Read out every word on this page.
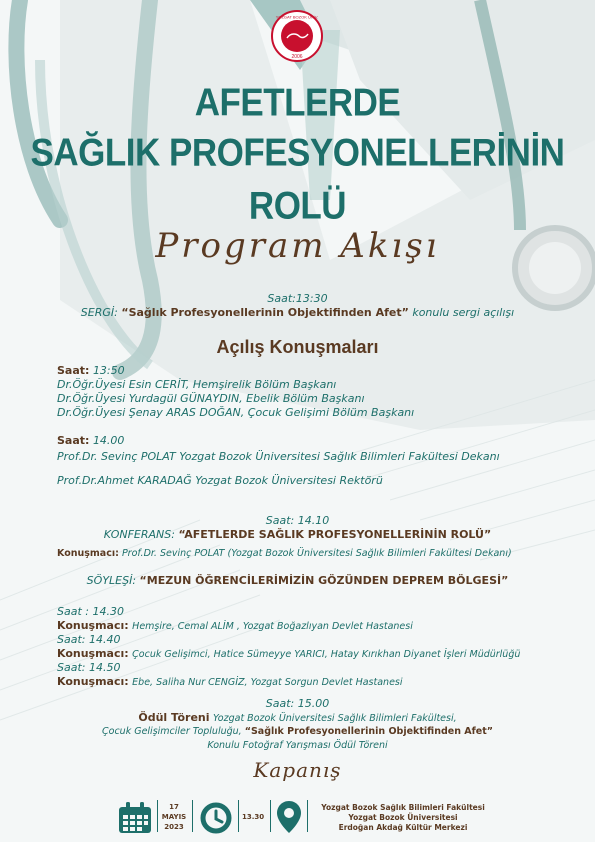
YOZGAT BOZOK ÜNİV.
2006
AFETLERDE
SAĞLIK PROFESYONELLERİNİN
ROLÜ
Program Akışı
Saat:13:30
SERGİ: “Sağlık Profesyonellerinin Objektifinden Afet” konulu sergi açılışı
Açılış Konuşmaları
Saat: 13:50
Dr.Öğr.Üyesi Esin CERİT, Hemşirelik Bölüm Başkanı
Dr.Öğr.Üyesi Yurdagül GÜNAYDIN, Ebelik Bölüm Başkanı
Dr.Öğr.Üyesi Şenay ARAS DOĞAN, Çocuk Gelişimi Bölüm Başkanı
Saat: 14.00
Prof.Dr. Sevinç POLAT Yozgat Bozok Üniversitesi Sağlık Bilimleri Fakültesi Dekanı
Prof.Dr.Ahmet KARADAĞ Yozgat Bozok Üniversitesi Rektörü
Saat: 14.10
KONFERANS: “AFETLERDE SAĞLIK PROFESYONELLERİNİN ROLÜ”
Konuşmacı: Prof.Dr. Sevinç POLAT (Yozgat Bozok Üniversitesi Sağlık Bilimleri Fakültesi Dekanı)
SÖYLEŞİ: “MEZUN ÖĞRENCİLERİMİZİN GÖZÜNDEN DEPREM BÖLGESİ”
Saat : 14.30
Konuşmacı: Hemşire, Cemal ALİM , Yozgat Boğazlıyan Devlet Hastanesi
Saat: 14.40
Konuşmacı: Çocuk Gelişimci, Hatice Sümeyye YARICI, Hatay Kırıkhan Diyanet İşleri Müdürlüğü
Saat: 14.50
Konuşmacı: Ebe, Saliha Nur CENGİZ, Yozgat Sorgun Devlet Hastanesi
Saat: 15.00
Ödül Töreni Yozgat Bozok Üniversitesi Sağlık Bilimleri Fakültesi,
Çocuk Gelişimciler Topluluğu, “Sağlık Profesyonellerinin Objektifinden Afet”
Konulu Fotoğraf Yarışması Ödül Töreni
Kapanış
17
MAYIS
2023
13.30
Yozgat Bozok Sağlık Bilimleri Fakültesi
Yozgat Bozok Üniversitesi
Erdoğan Akdağ Kültür Merkezi
